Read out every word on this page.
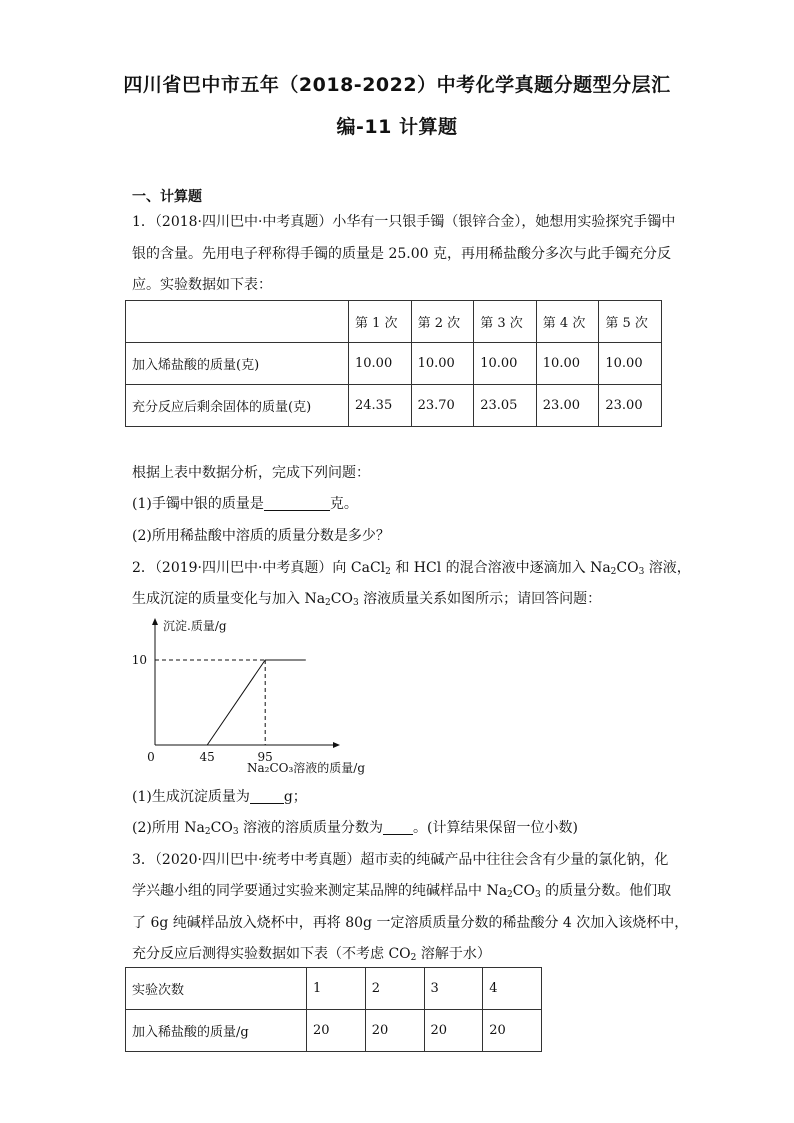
四川省巴中市五年（2018-2022）中考化学真题分题型分层汇
编-11 计算题
一、计算题
1．（2018·四川巴中·中考真题）小华有一只银手镯（银锌合金），她想用实验探究手镯中
银的含量。先用电子秤称得手镯的质量是 25.00 克，再用稀盐酸分多次与此手镯充分反
应。实验数据如下表：
	第 1 次	第 2 次	第 3 次	第 4 次	第 5 次
加入烯盐酸的质量(克)	10.00	10.00	10.00	10.00	10.00
充分反应后剩余固体的质量(克)	24.35	23.70	23.05	23.00	23.00
根据上表中数据分析，完成下列问题：
(1)手镯中银的质量是	克。
(2)所用稀盐酸中溶质的质量分数是多少？
2．（2019·四川巴中·中考真题）向 CaCl$_2$ 和 HCl 的混合溶液中逐滴加入 $Na_2CO_3$ 溶液，
生成沉淀的质量变化与加入 $Na_2CO_3$ 溶液质量关系如图所示；请回答问题：
沉淀.质量/g
Na₂CO₃溶液的质量/g
0	45	95
10
(1)生成沉淀质量为 g；
(2)所用 $Na_2CO_3$ 溶液的溶质质量分数为 。(计算结果保留一位小数)
3．（2020·四川巴中·统考中考真题）超市卖的纯碱产品中往往会含有少量的氯化钠，化
学兴趣小组的同学要通过实验来测定某品牌的纯碱样品中 $Na_2CO_3$ 的质量分数。他们取
了 6g 纯碱样品放入烧杯中，再将 80g 一定溶质质量分数的稀盐酸分 4 次加入该烧杯中，
充分反应后测得实验数据如下表（不考虑 $CO_2$ 溶解于水）
实验次数	1	2	3	4
加入稀盐酸的质量/g	20	20	20	20
